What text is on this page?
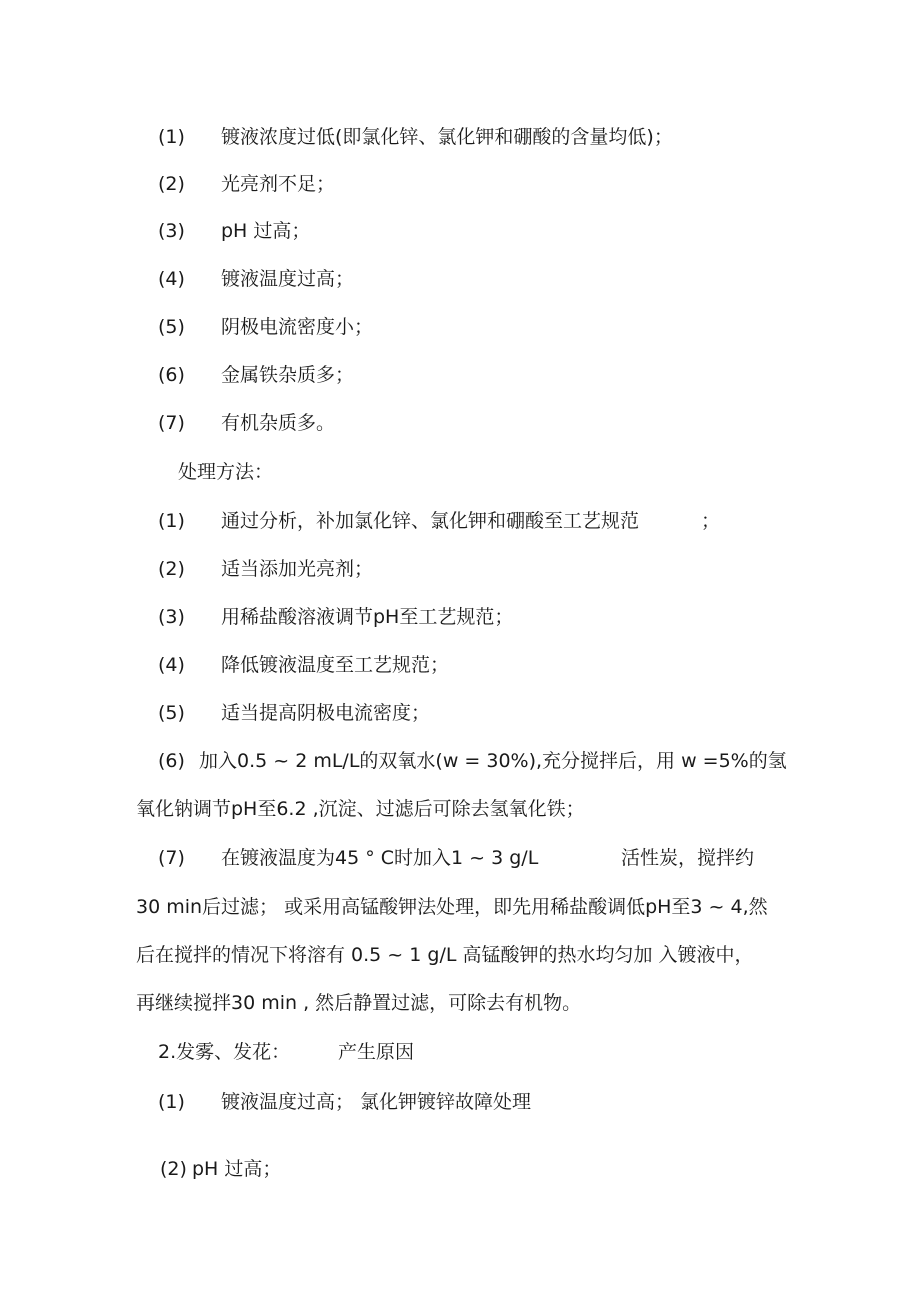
(1) 镀液浓度过低(即氯化锌、氯化钾和硼酸的含量均低)；
(2) 光亮剂不足；
(3) pH 过高；
(4) 镀液温度过高；
(5) 阴极电流密度小；
(6) 金属铁杂质多；
(7) 有机杂质多。
处理方法：
(1) 通过分析，补加氯化锌、氯化钾和硼酸至工艺规范	；
(2) 适当添加光亮剂；
(3) 用稀盐酸溶液调节pH至工艺规范；
(4) 降低镀液温度至工艺规范；
(5) 适当提高阴极电流密度；
(6) 加入0.5 ~ 2 mL/L的双氧水(w = 30%),充分搅拌后，用 w =5%的氢
氧化钠调节pH至6.2 ,沉淀、过滤后可除去氢氧化铁；
(7) 在镀液温度为45 ° C时加入1 ~ 3 g/L	活性炭，搅拌约
30 min后过滤； 或采用高锰酸钾法处理，即先用稀盐酸调低pH至3 ~ 4,然
后在搅拌的情况下将溶有 0.5 ~ 1 g/L 高锰酸钾的热水均匀加 入镀液中，
再继续搅拌30 min , 然后静置过滤，可除去有机物。
2.发雾、发花：	产生原因
(1) 镀液温度过高； 氯化钾镀锌故障处理
(2) pH 过高；
